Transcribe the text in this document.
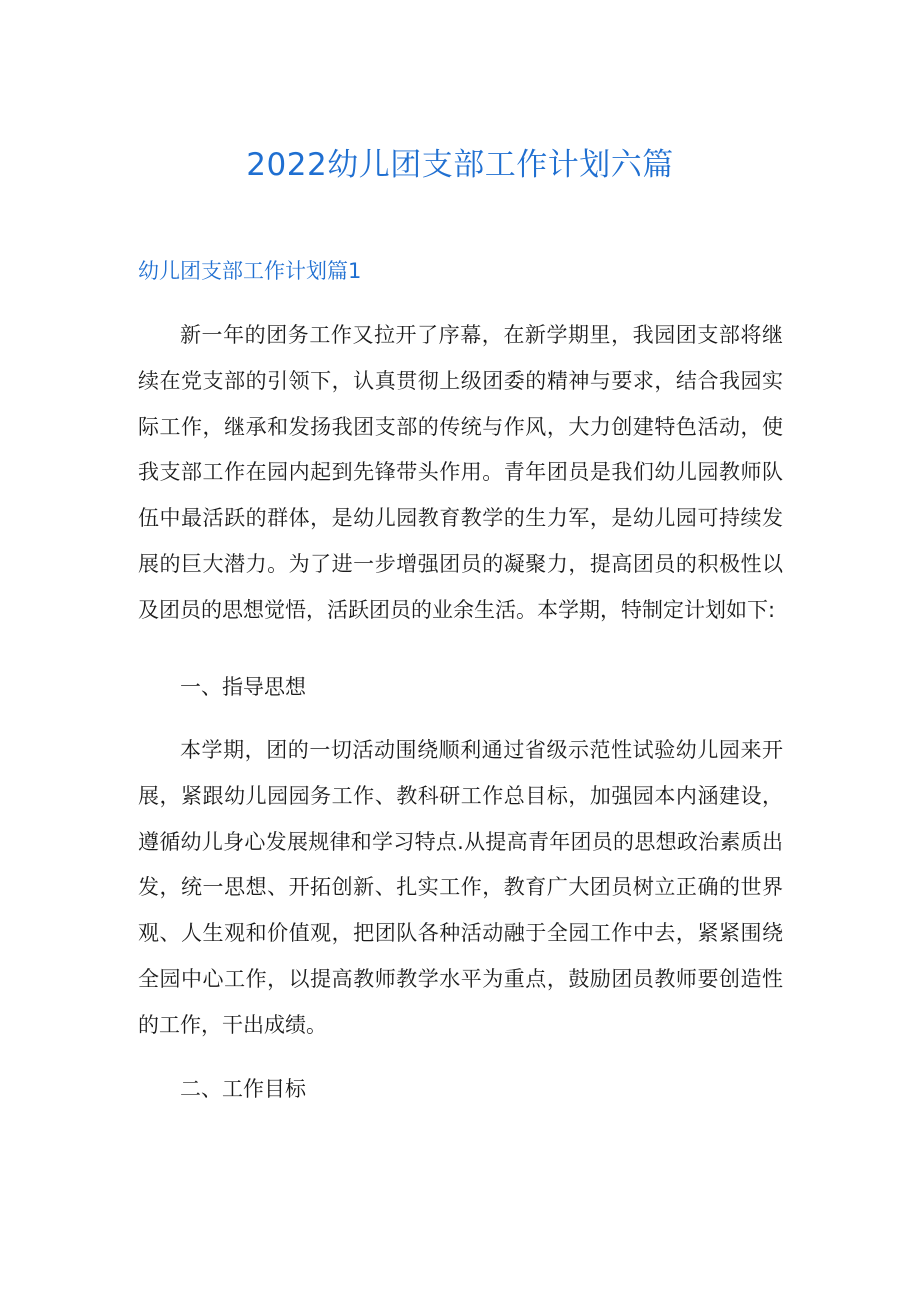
2022幼儿团支部工作计划六篇
幼儿团支部工作计划篇1

新一年的团务工作又拉开了序幕，在新学期里，我园团支部将继续在党支部的引领下，认真贯彻上级团委的精神与要求，结合我园实际工作，继承和发扬我团支部的传统与作风，大力创建特色活动，使我支部工作在园内起到先锋带头作用。青年团员是我们幼儿园教师队伍中最活跃的群体，是幼儿园教育教学的生力军，是幼儿园可持续发展的巨大潜力。为了进一步增强团员的凝聚力，提高团员的积极性以及团员的思想觉悟，活跃团员的业余生活。本学期，特制定计划如下:

一、指导思想

本学期，团的一切活动围绕顺利通过省级示范性试验幼儿园来开展，紧跟幼儿园园务工作、教科研工作总目标，加强园本内涵建设，遵循幼儿身心发展规律和学习特点.从提高青年团员的思想政治素质出发，统一思想、开拓创新、扎实工作，教育广大团员树立正确的世界观、人生观和价值观，把团队各种活动融于全园工作中去，紧紧围绕全园中心工作，以提高教师教学水平为重点，鼓励团员教师要创造性的工作，干出成绩。

二、工作目标
